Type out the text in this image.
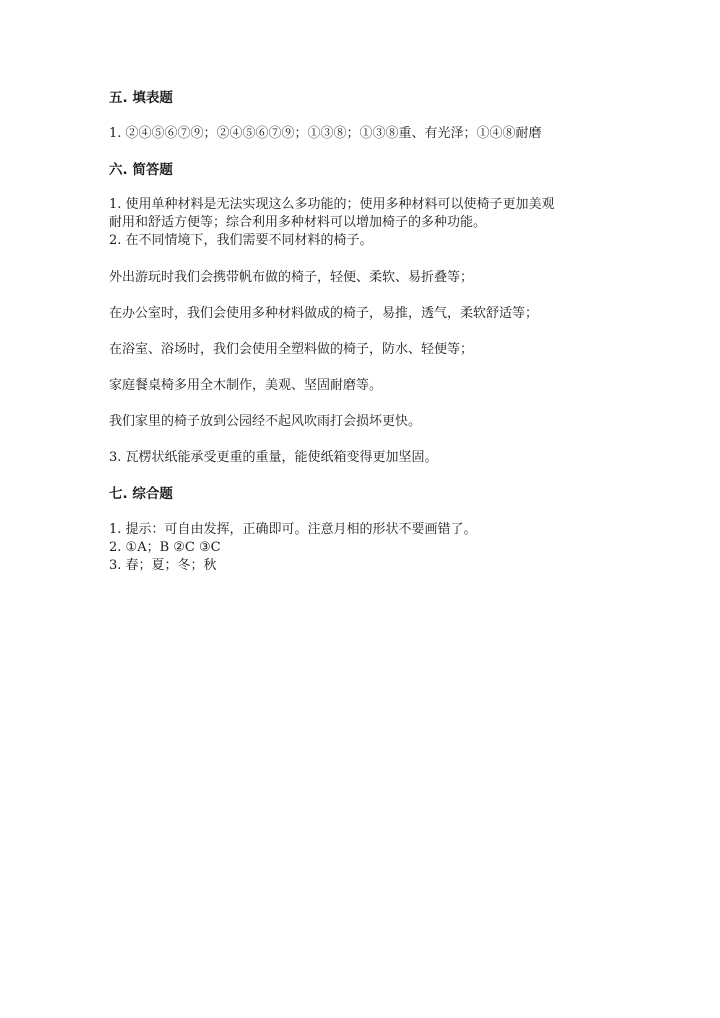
五. 填表题
1. ②④⑤⑥⑦⑨；②④⑤⑥⑦⑨；①③⑧；①③⑧重、有光泽；①④⑧耐磨
六. 简答题
1. 使用单种材料是无法实现这么多功能的；使用多种材料可以使椅子更加美观
耐用和舒适方便等；综合利用多种材料可以增加椅子的多种功能。
2. 在不同情境下，我们需要不同材料的椅子。
外出游玩时我们会携带帆布做的椅子，轻便、柔软、易折叠等；
在办公室时，我们会使用多种材料做成的椅子，易推，透气，柔软舒适等；
在浴室、浴场时，我们会使用全塑料做的椅子，防水、轻便等；
家庭餐桌椅多用全木制作，美观、坚固耐磨等。
我们家里的椅子放到公园经不起风吹雨打会损坏更快。
3. 瓦楞状纸能承受更重的重量，能使纸箱变得更加坚固。
七. 综合题
1. 提示：可自由发挥，正确即可。注意月相的形状不要画错了。
2. ①A；B ②C ③C
3. 春；夏；冬；秋
